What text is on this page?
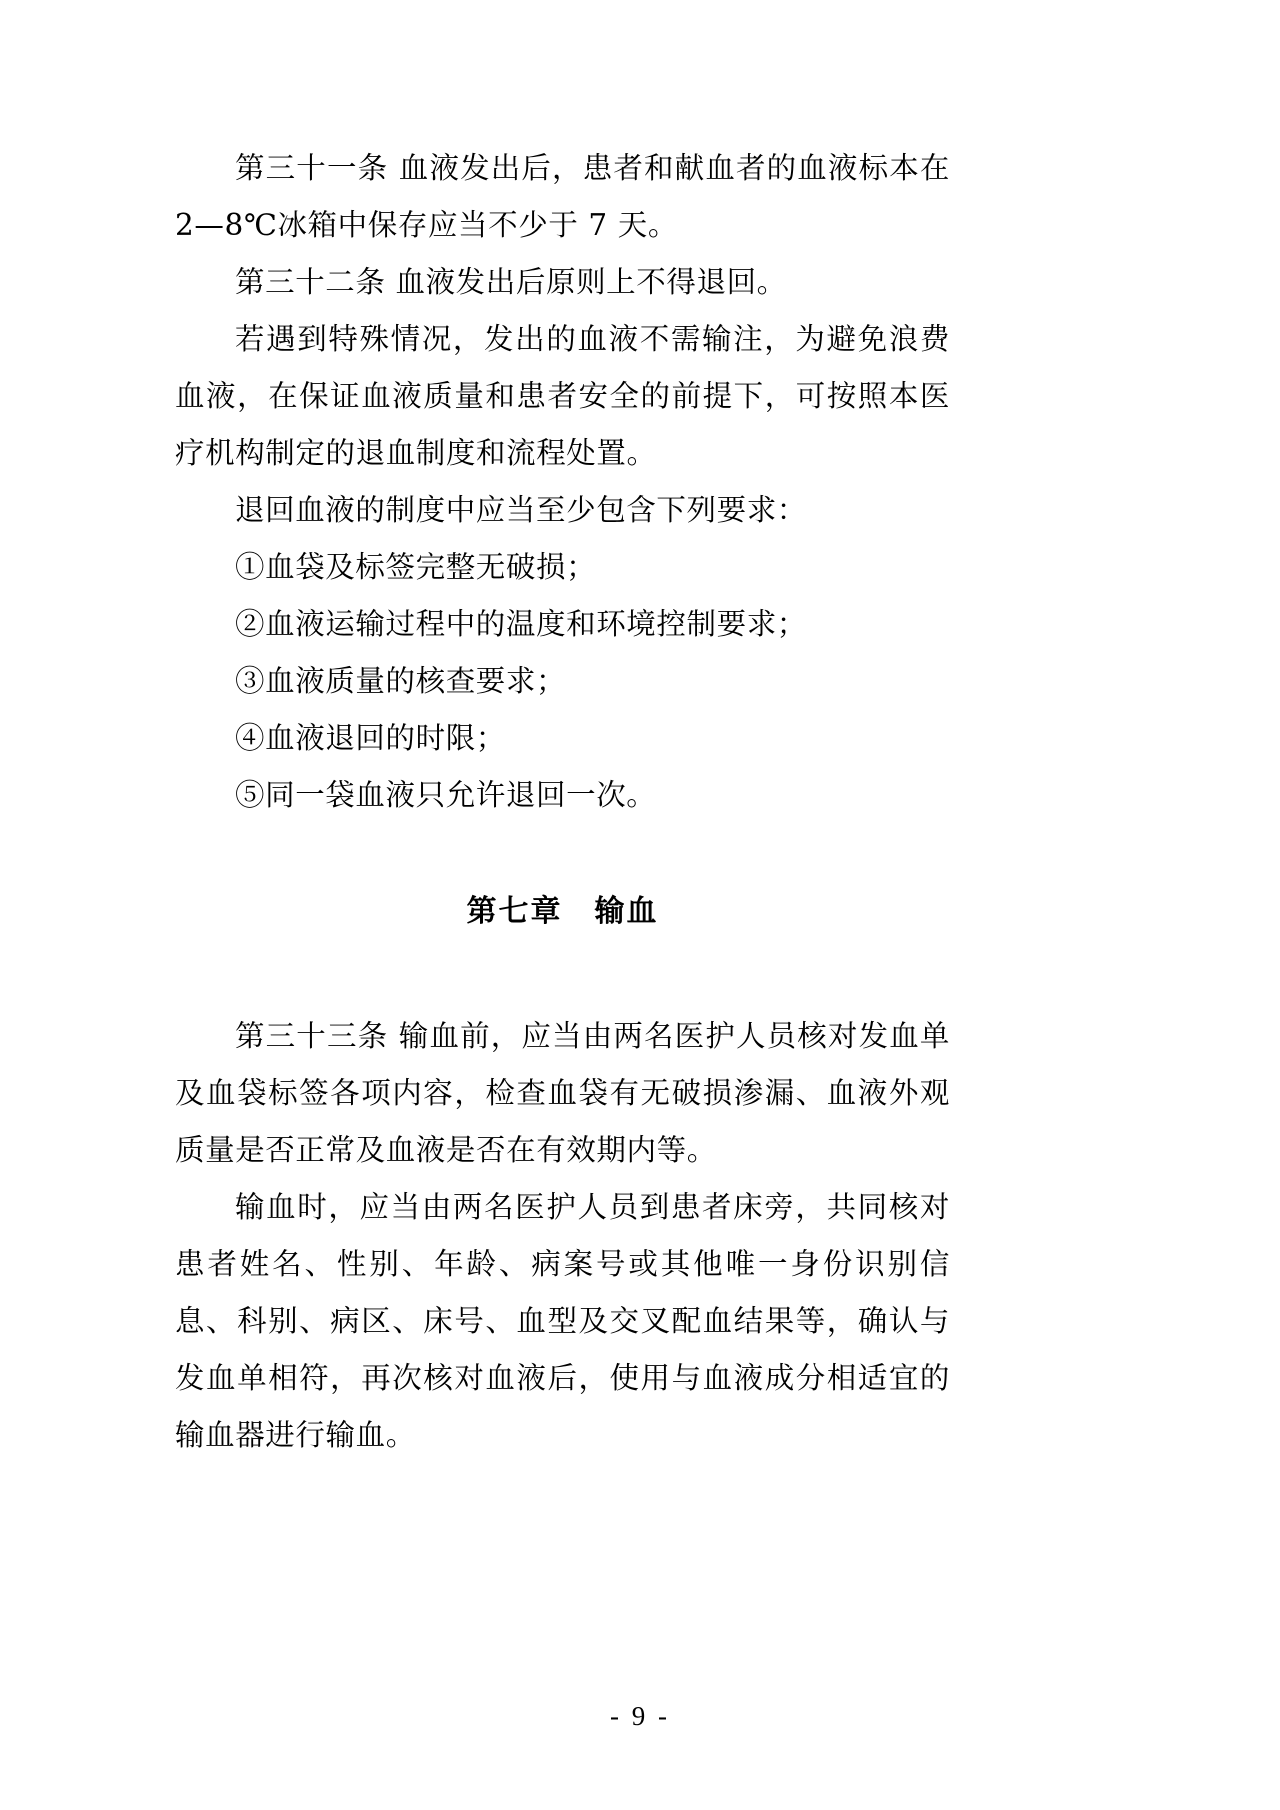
第三十一条 血液发出后，患者和献血者的血液标本在2—8℃冰箱中保存应当不少于 7 天。

第三十二条 血液发出后原则上不得退回。

若遇到特殊情况，发出的血液不需输注，为避免浪费血液，在保证血液质量和患者安全的前提下，可按照本医疗机构制定的退血制度和流程处置。

退回血液的制度中应当至少包含下列要求：

①血袋及标签完整无破损；

②血液运输过程中的温度和环境控制要求；

③血液质量的核查要求；

④血液退回的时限；

⑤同一袋血液只允许退回一次。

第七章　输血

第三十三条 输血前，应当由两名医护人员核对发血单及血袋标签各项内容，检查血袋有无破损渗漏、血液外观质量是否正常及血液是否在有效期内等。

输血时，应当由两名医护人员到患者床旁，共同核对患者姓名、性别、年龄、病案号或其他唯一身份识别信息、科别、病区、床号、血型及交叉配血结果等，确认与发血单相符，再次核对血液后，使用与血液成分相适宜的输血器进行输血。

- 9 -
